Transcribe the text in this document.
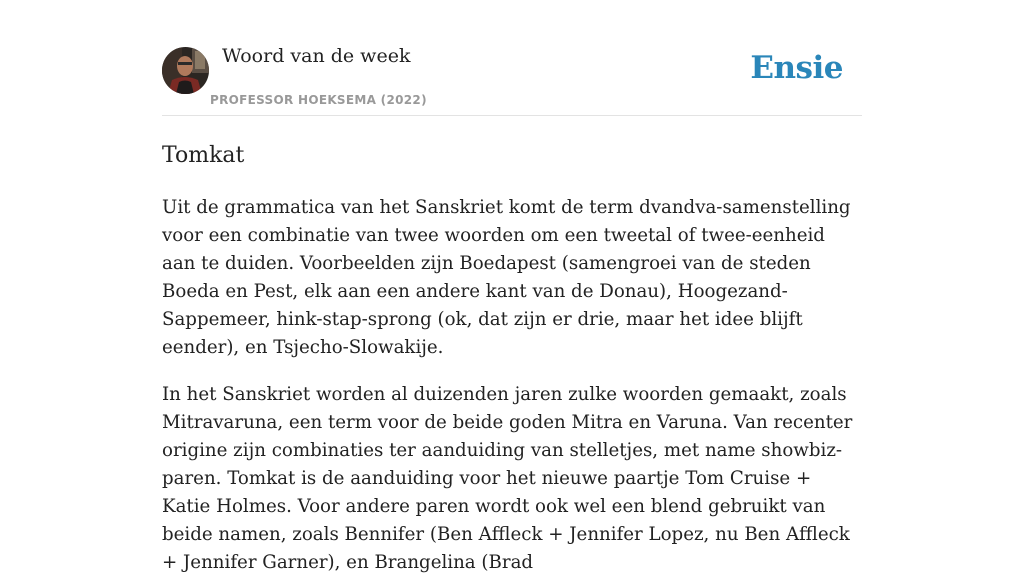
Woord van de week
PROFESSOR HOEKSEMA (2022)
Ensie
Tomkat

Uit de grammatica van het Sanskriet komt de term dvandva-samenstelling voor een combinatie van twee woorden om een tweetal of twee-eenheid aan te duiden. Voorbeelden zijn Boedapest (samengroei van de steden Boeda en Pest, elk aan een andere kant van de Donau), Hoogezand-Sappemeer, hink-stap-sprong (ok, dat zijn er drie, maar het idee blijft eender), en Tsjecho-Slowakije.

In het Sanskriet worden al duizenden jaren zulke woorden gemaakt, zoals Mitravaruna, een term voor de beide goden Mitra en Varuna. Van recenter origine zijn combinaties ter aanduiding van stelletjes, met name showbiz-paren. Tomkat is de aanduiding voor het nieuwe paartje Tom Cruise + Katie Holmes. Voor andere paren wordt ook wel een blend gebruikt van beide namen, zoals Bennifer (Ben Affleck + Jennifer Lopez, nu Ben Affleck + Jennifer Garner), en Brangelina (Brad
